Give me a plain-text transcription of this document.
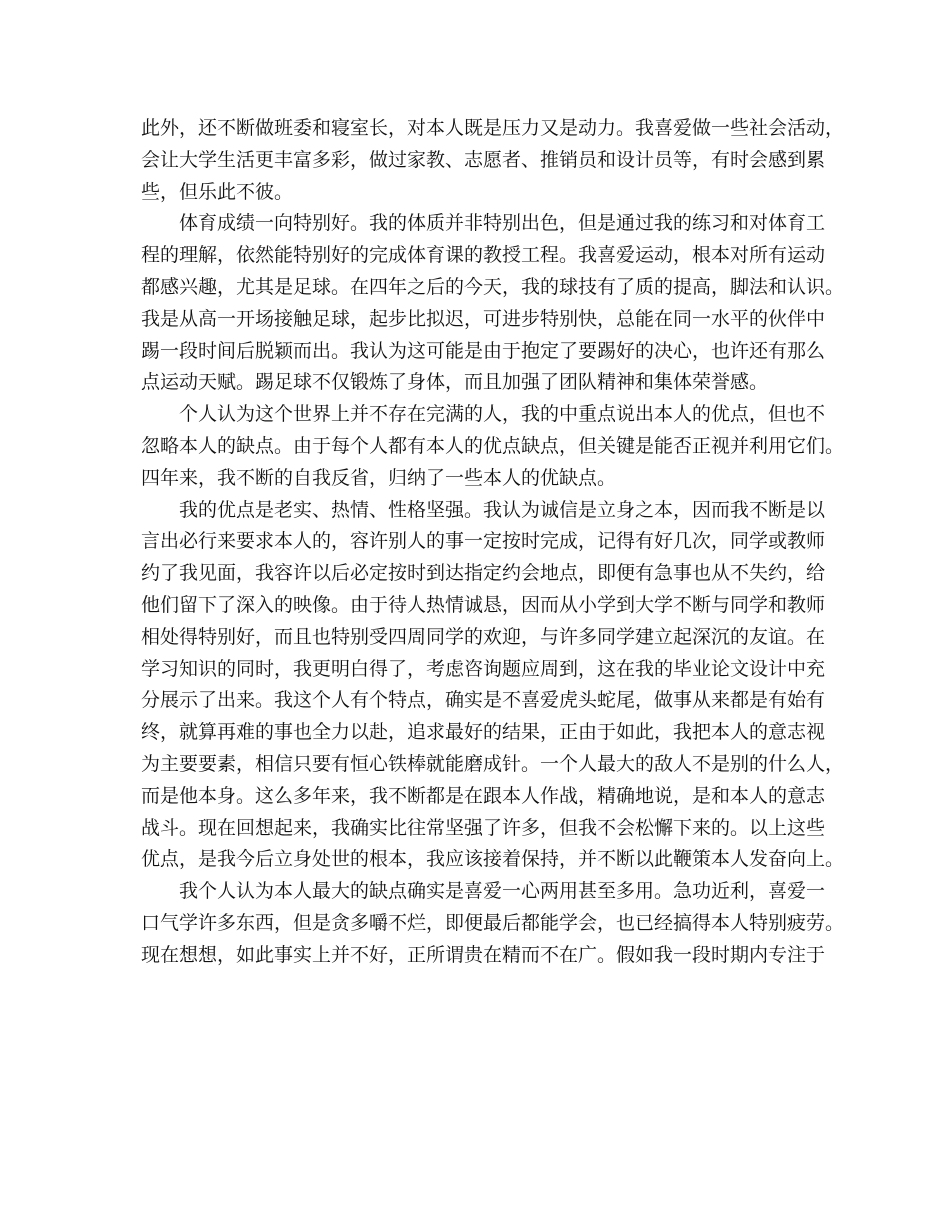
此外，还不断做班委和寝室长，对本人既是压力又是动力。我喜爱做一些社会活动，
会让大学生活更丰富多彩，做过家教、志愿者、推销员和设计员等，有时会感到累
些，但乐此不彼。
体育成绩一向特别好。我的体质并非特别出色，但是通过我的练习和对体育工
程的理解，依然能特别好的完成体育课的教授工程。我喜爱运动，根本对所有运动
都感兴趣，尤其是足球。在四年之后的今天，我的球技有了质的提高，脚法和认识。
我是从高一开场接触足球，起步比拟迟，可进步特别快，总能在同一水平的伙伴中
踢一段时间后脱颖而出。我认为这可能是由于抱定了要踢好的决心，也许还有那么
点运动天赋。踢足球不仅锻炼了身体，而且加强了团队精神和集体荣誉感。
个人认为这个世界上并不存在完满的人，我的中重点说出本人的优点，但也不
忽略本人的缺点。由于每个人都有本人的优点缺点，但关键是能否正视并利用它们。
四年来，我不断的自我反省，归纳了一些本人的优缺点。
我的优点是老实、热情、性格坚强。我认为诚信是立身之本，因而我不断是以
言出必行来要求本人的，容许别人的事一定按时完成，记得有好几次，同学或教师
约了我见面，我容许以后必定按时到达指定约会地点，即便有急事也从不失约，给
他们留下了深入的映像。由于待人热情诚恳，因而从小学到大学不断与同学和教师
相处得特别好，而且也特别受四周同学的欢迎，与许多同学建立起深沉的友谊。在
学习知识的同时，我更明白得了，考虑咨询题应周到，这在我的毕业论文设计中充
分展示了出来。我这个人有个特点，确实是不喜爱虎头蛇尾，做事从来都是有始有
终，就算再难的事也全力以赴，追求最好的结果，正由于如此，我把本人的意志视
为主要要素，相信只要有恒心铁棒就能磨成针。一个人最大的敌人不是别的什么人，
而是他本身。这么多年来，我不断都是在跟本人作战，精确地说，是和本人的意志
战斗。现在回想起来，我确实比往常坚强了许多，但我不会松懈下来的。以上这些
优点，是我今后立身处世的根本，我应该接着保持，并不断以此鞭策本人发奋向上。
我个人认为本人最大的缺点确实是喜爱一心两用甚至多用。急功近利，喜爱一
口气学许多东西，但是贪多嚼不烂，即便最后都能学会，也已经搞得本人特别疲劳。
现在想想，如此事实上并不好，正所谓贵在精而不在广。假如我一段时期内专注于
